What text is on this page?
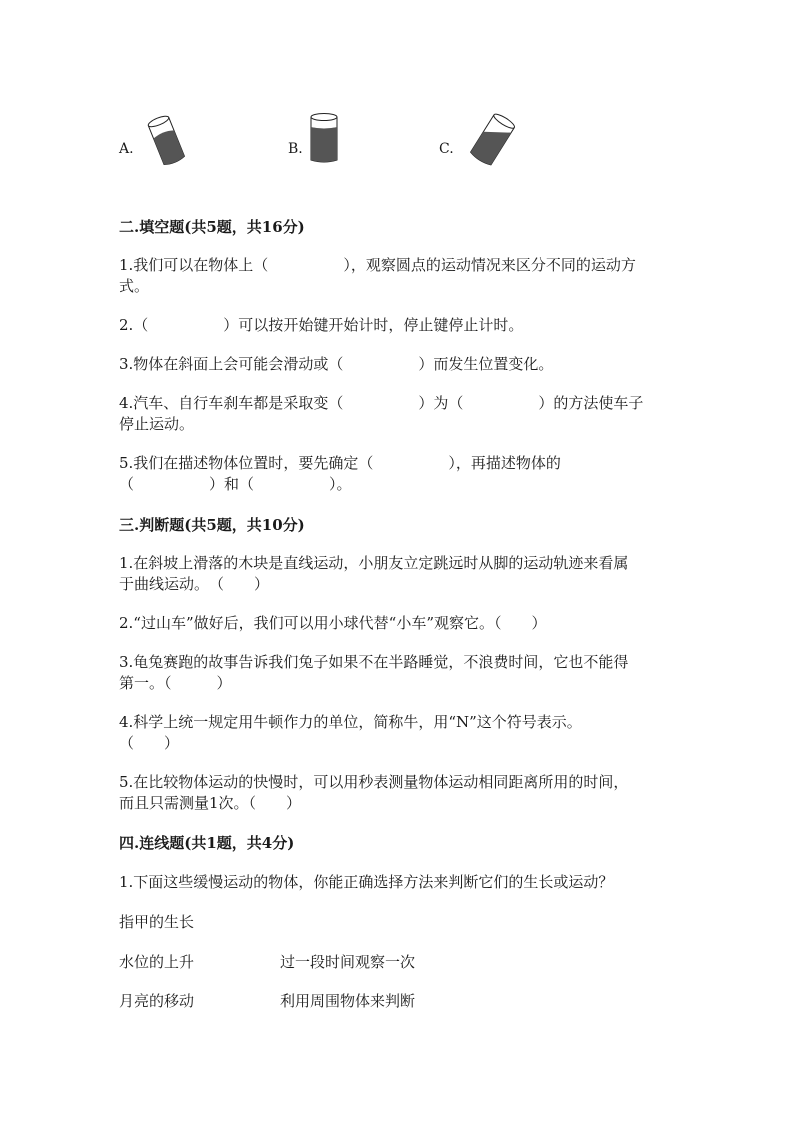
A.	B.	C.
二.填空题(共5题，共16分)
1.我们可以在物体上（　　　　　），观察圆点的运动情况来区分不同的运动方
式。
2.（　　　　　）可以按开始键开始计时，停止键停止计时。
3.物体在斜面上会可能会滑动或（　　　　　）而发生位置变化。
4.汽车、自行车刹车都是采取变（　　　　　）为（　　　　　）的方法使车子
停止运动。
5.我们在描述物体位置时，要先确定（　　　　　），再描述物体的
（　　　　　）和（　　　　　）。
三.判断题(共5题，共10分)
1.在斜坡上滑落的木块是直线运动，小朋友立定跳远时从脚的运动轨迹来看属
于曲线运动。　（　　）
2.“过山车”做好后，我们可以用小球代替“小车”观察它。（　　）
3.龟兔赛跑的故事告诉我们兔子如果不在半路睡觉，不浪费时间，它也不能得
第一。（　　　）
4.科学上统一规定用牛顿作力的单位，简称牛，用“N”这个符号表示。
（　　）
5.在比较物体运动的快慢时，可以用秒表测量物体运动相同距离所用的时间，
而且只需测量1次。（　　）
四.连线题(共1题，共4分)
1.下面这些缓慢运动的物体，你能正确选择方法来判断它们的生长或运动？
指甲的生长
水位的上升	过一段时间观察一次
月亮的移动	利用周围物体来判断
